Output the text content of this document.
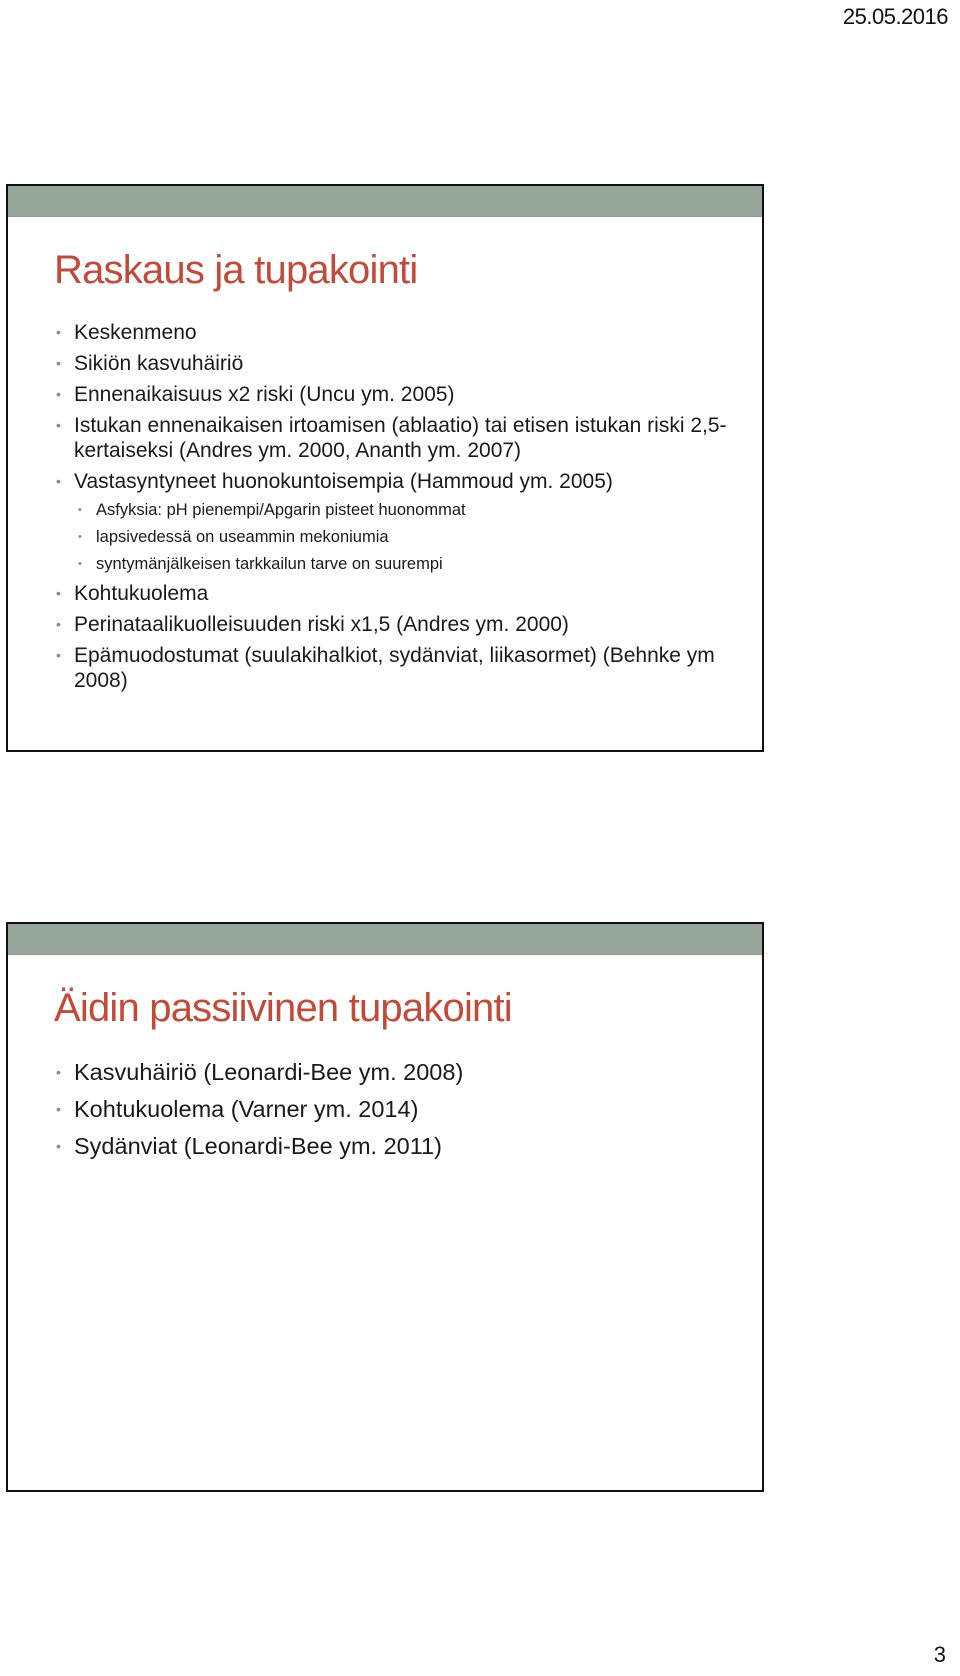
25.05.2016
Raskaus ja tupakointi
• Keskenmeno
• Sikiön kasvuhäiriö
• Ennenaikaisuus x2 riski (Uncu ym. 2005)
• Istukan ennenaikaisen irtoamisen (ablaatio) tai etisen istukan riski 2,5-kertaiseksi (Andres ym. 2000, Ananth ym. 2007)
• Vastasyntyneet huonokuntoisempia (Hammoud ym. 2005)
• Asfyksia: pH pienempi/Apgarin pisteet huonommat
• lapsivedessä on useammin mekoniumia
• syntymänjälkeisen tarkkailun tarve on suurempi
• Kohtukuolema
• Perinataalikuolleisuuden riski x1,5 (Andres ym. 2000)
• Epämuodostumat (suulakihalkiot, sydänviat, liikasormet) (Behnke ym 2008)
Äidin passiivinen tupakointi
• Kasvuhäiriö (Leonardi-Bee ym. 2008)
• Kohtukuolema (Varner ym. 2014)
• Sydänviat (Leonardi-Bee ym. 2011)
3
